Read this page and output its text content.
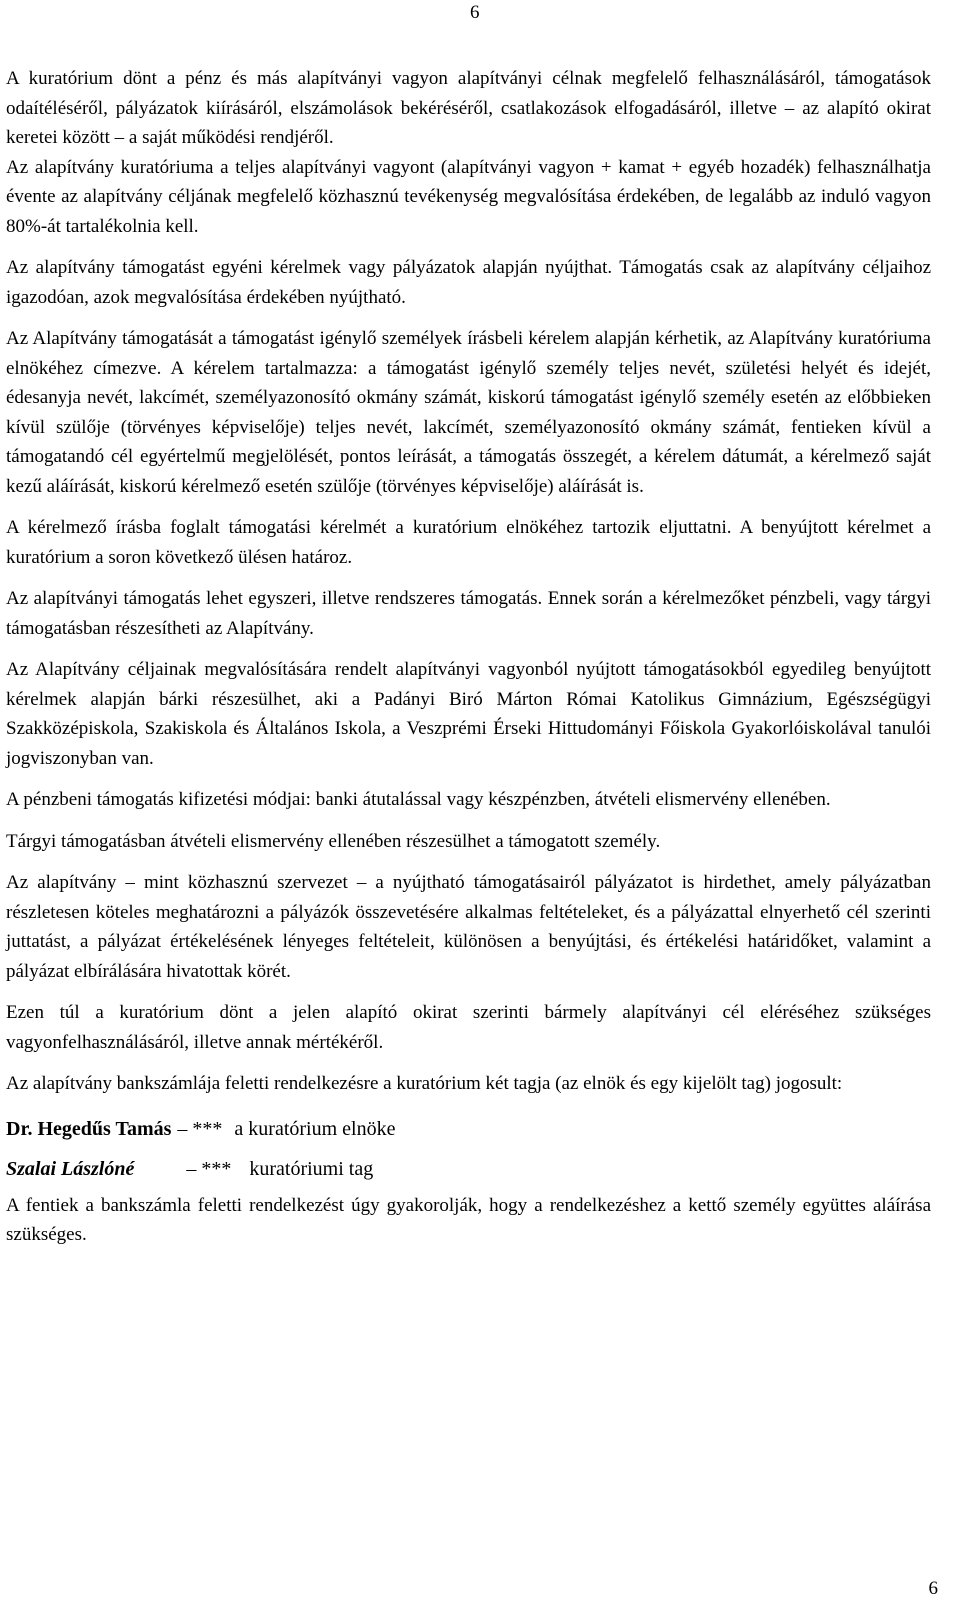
6

A kuratórium dönt a pénz és más alapítványi vagyon alapítványi célnak megfelelő felhasználásáról, támogatások odaítéléséről, pályázatok kiírásáról, elszámolások bekéréséről, csatlakozások elfogadásáról, illetve – az alapító okirat keretei között – a saját működési rendjéről.

Az alapítvány kuratóriuma a teljes alapítványi vagyont (alapítványi vagyon + kamat + egyéb hozadék) felhasználhatja évente az alapítvány céljának megfelelő közhasznú tevékenység megvalósítása érdekében, de legalább az induló vagyon 80%-át tartalékolnia kell.

Az alapítvány támogatást egyéni kérelmek vagy pályázatok alapján nyújthat. Támogatás csak az alapítvány céljaihoz igazodóan, azok megvalósítása érdekében nyújtható.

Az Alapítvány támogatását a támogatást igénylő személyek írásbeli kérelem alapján kérhetik, az Alapítvány kuratóriuma elnökéhez címezve. A kérelem tartalmazza: a támogatást igénylő személy teljes nevét, születési helyét és idejét, édesanyja nevét, lakcímét, személyazonosító okmány számát, kiskorú támogatást igénylő személy esetén az előbbieken kívül szülője (törvényes képviselője) teljes nevét, lakcímét, személyazonosító okmány számát, fentieken kívül a támogatandó cél egyértelmű megjelölését, pontos leírását, a támogatás összegét, a kérelem dátumát, a kérelmező saját kezű aláírását, kiskorú kérelmező esetén szülője (törvényes képviselője) aláírását is.

A kérelmező írásba foglalt támogatási kérelmét a kuratórium elnökéhez tartozik eljuttatni. A benyújtott kérelmet a kuratórium a soron következő ülésen határoz.

Az alapítványi támogatás lehet egyszeri, illetve rendszeres támogatás. Ennek során a kérelmezőket pénzbeli, vagy tárgyi támogatásban részesítheti az Alapítvány.

Az Alapítvány céljainak megvalósítására rendelt alapítványi vagyonból nyújtott támogatásokból egyedileg benyújtott kérelmek alapján bárki részesülhet, aki a Padányi Biró Márton Római Katolikus Gimnázium, Egészségügyi Szakközépiskola, Szakiskola és Általános Iskola, a Veszprémi Érseki Hittudományi Főiskola Gyakorlóiskolával tanulói jogviszonyban van.

A pénzbeni támogatás kifizetési módjai: banki átutalással vagy készpénzben, átvételi elismervény ellenében.

Tárgyi támogatásban átvételi elismervény ellenében részesülhet a támogatott személy.

Az alapítvány – mint közhasznú szervezet – a nyújtható támogatásairól pályázatot is hirdethet, amely pályázatban részletesen köteles meghatározni a pályázók összevetésére alkalmas feltételeket, és a pályázattal elnyerhető cél szerinti juttatást, a pályázat értékelésének lényeges feltételeit, különösen a benyújtási, és értékelési határidőket, valamint a pályázat elbírálására hivatottak körét.

Ezen túl a kuratórium dönt a jelen alapító okirat szerinti bármely alapítványi cél eléréséhez szükséges vagyonfelhasználásáról, illetve annak mértékéről.

Az alapítvány bankszámlája feletti rendelkezésre a kuratórium két tagja (az elnök és egy kijelölt tag) jogosult:

Dr. Hegedűs Tamás – *** a kuratórium elnöke
Szalai Lászlóné	– *** kuratóriumi tag

A fentiek a bankszámla feletti rendelkezést úgy gyakorolják, hogy a rendelkezéshez a kettő személy együttes aláírása szükséges.

6
